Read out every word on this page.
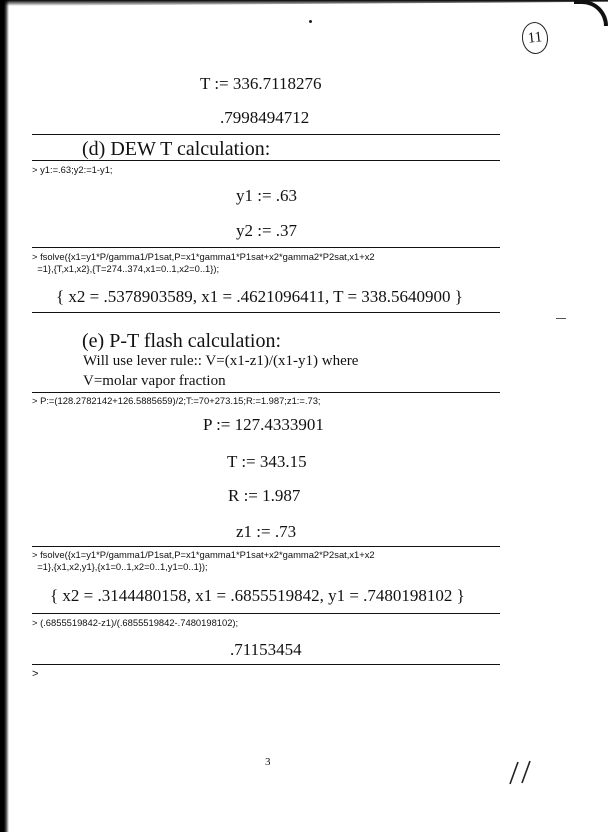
11
T := 336.7118276
.7998494712
(d) DEW T calculation:
> y1:=.63;y2:=1-y1;
y1 := .63
y2 := .37
> fsolve({x1=y1*P/gamma1/P1sat,P=x1*gamma1*P1sat+x2*gamma2*P2sat,x1+x2
=1},{T,x1,x2},{T=274..374,x1=0..1,x2=0..1});
{ x2 = .5378903589, x1 = .4621096411, T = 338.5640900 }
(e) P-T flash calculation:
Will use lever rule:: V=(x1-z1)/(x1-y1) where
V=molar vapor fraction
> P:=(128.2782142+126.5885659)/2;T:=70+273.15;R:=1.987;z1:=.73;
P := 127.4333901
T := 343.15
R := 1.987
z1 := .73
> fsolve({x1=y1*P/gamma1/P1sat,P=x1*gamma1*P1sat+x2*gamma2*P2sat,x1+x2
=1},{x1,x2,y1},{x1=0..1,x2=0..1,y1=0..1});
{ x2 = .3144480158, x1 = .6855519842, y1 = .7480198102 }
> (.6855519842-z1)/(.6855519842-.7480198102);
.71153454
>
3
